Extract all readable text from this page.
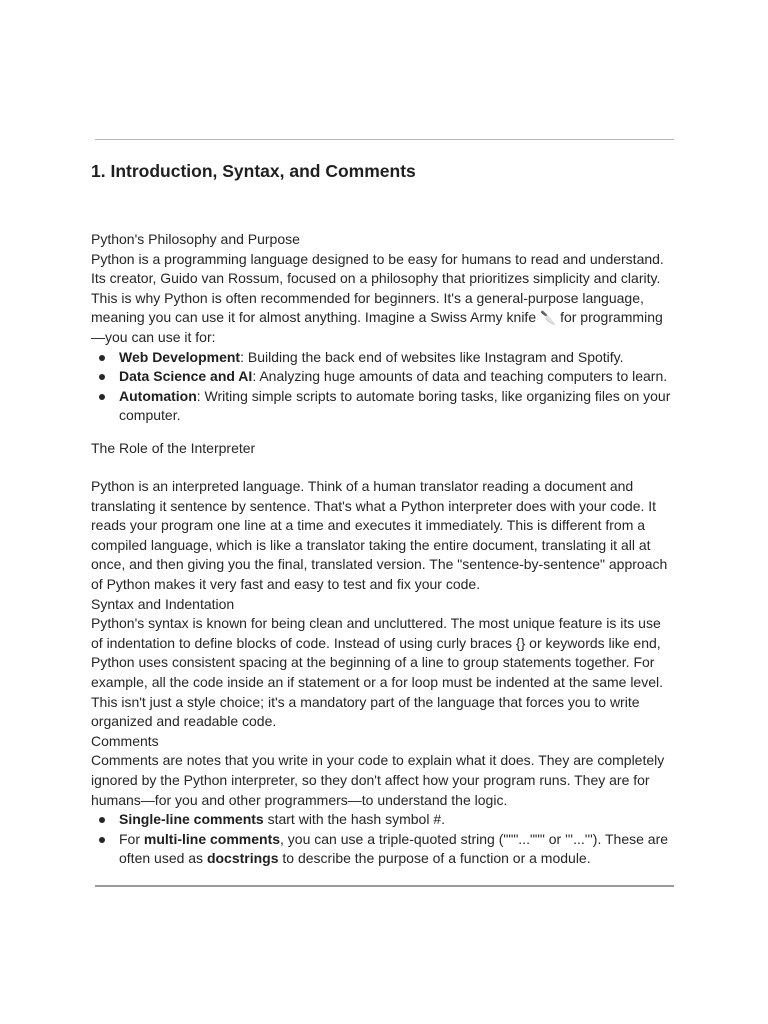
1. Introduction, Syntax, and Comments

Python's Philosophy and Purpose

Python is a programming language designed to be easy for humans to read and understand. Its creator, Guido van Rossum, focused on a philosophy that prioritizes simplicity and clarity. This is why Python is often recommended for beginners. It's a general-purpose language, meaning you can use it for almost anything. Imagine a Swiss Army knife 🔪 for programming—you can use it for:

Web Development: Building the back end of websites like Instagram and Spotify.
Data Science and AI: Analyzing huge amounts of data and teaching computers to learn.
Automation: Writing simple scripts to automate boring tasks, like organizing files on your computer.

The Role of the Interpreter

Python is an interpreted language. Think of a human translator reading a document and translating it sentence by sentence. That's what a Python interpreter does with your code. It reads your program one line at a time and executes it immediately. This is different from a compiled language, which is like a translator taking the entire document, translating it all at once, and then giving you the final, translated version. The "sentence-by-sentence" approach of Python makes it very fast and easy to test and fix your code.

Syntax and Indentation

Python's syntax is known for being clean and uncluttered. The most unique feature is its use of indentation to define blocks of code. Instead of using curly braces {} or keywords like end, Python uses consistent spacing at the beginning of a line to group statements together. For example, all the code inside an if statement or a for loop must be indented at the same level. This isn't just a style choice; it's a mandatory part of the language that forces you to write organized and readable code.

Comments

Comments are notes that you write in your code to explain what it does. They are completely ignored by the Python interpreter, so they don't affect how your program runs. They are for humans—for you and other programmers—to understand the logic.

Single-line comments start with the hash symbol #.
For multi-line comments, you can use a triple-quoted string ("""...""" or '''...'''). These are often used as docstrings to describe the purpose of a function or a module.
